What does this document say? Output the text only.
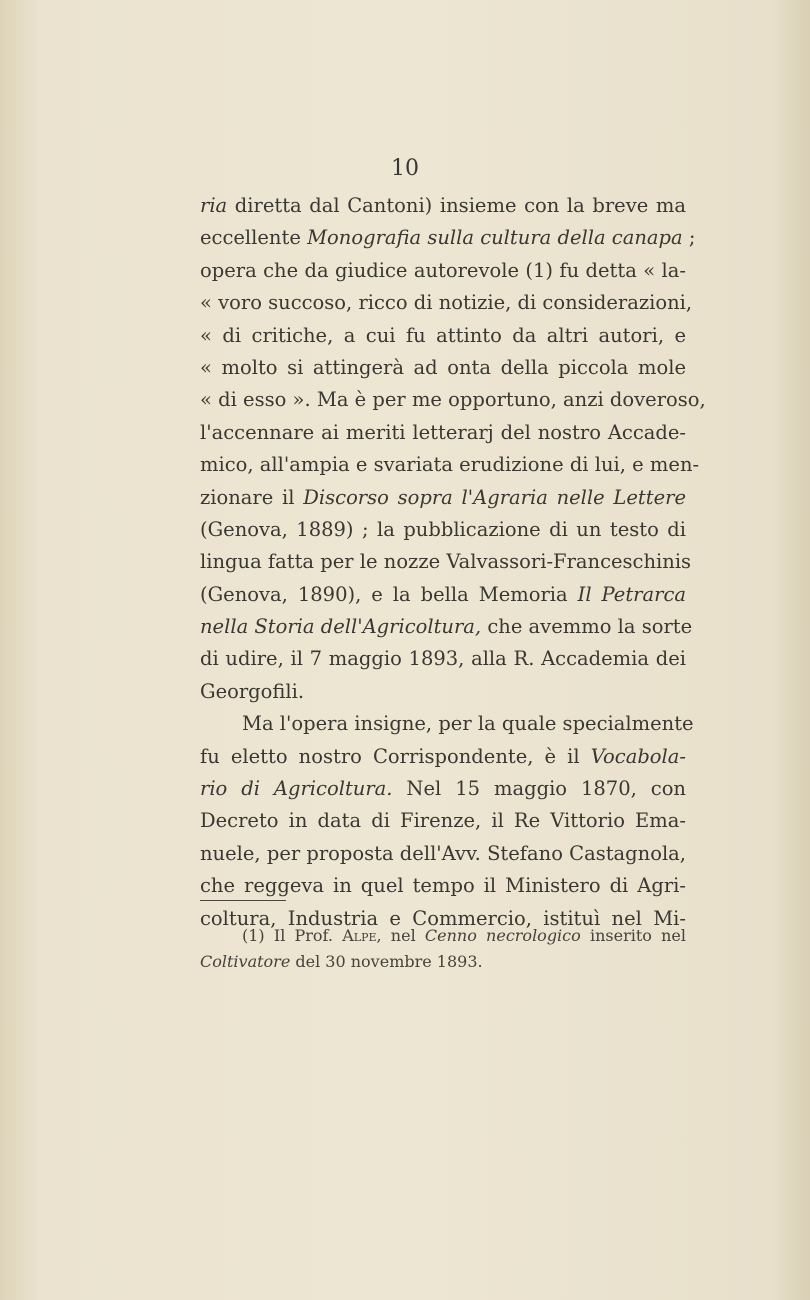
10
ria diretta dal Cantoni) insieme con la breve ma
eccellente Monografia sulla cultura della canapa ;
opera che da giudice autorevole (1) fu detta « la-
« voro succoso, ricco di notizie, di considerazioni,
« di critiche, a cui fu attinto da altri autori, e
« molto si attingerà ad onta della piccola mole
« di esso ». Ma è per me opportuno, anzi doveroso,
l'accennare ai meriti letterarj del nostro Accade-
mico, all'ampia e svariata erudizione di lui, e men-
zionare il Discorso sopra l'Agraria nelle Lettere
(Genova, 1889) ; la pubblicazione di un testo di
lingua fatta per le nozze Valvassori-Franceschinis
(Genova, 1890), e la bella Memoria Il Petrarca
nella Storia dell'Agricoltura, che avemmo la sorte
di udire, il 7 maggio 1893, alla R. Accademia dei
Georgofili.
Ma l'opera insigne, per la quale specialmente
fu eletto nostro Corrispondente, è il Vocabola-
rio di Agricoltura. Nel 15 maggio 1870, con
Decreto in data di Firenze, il Re Vittorio Ema-
nuele, per proposta dell'Avv. Stefano Castagnola,
che reggeva in quel tempo il Ministero di Agri-
coltura, Industria e Commercio, istituì nel Mi-
(1) Il Prof. Alpe, nel Cenno necrologico inserito nel
Coltivatore del 30 novembre 1893.
